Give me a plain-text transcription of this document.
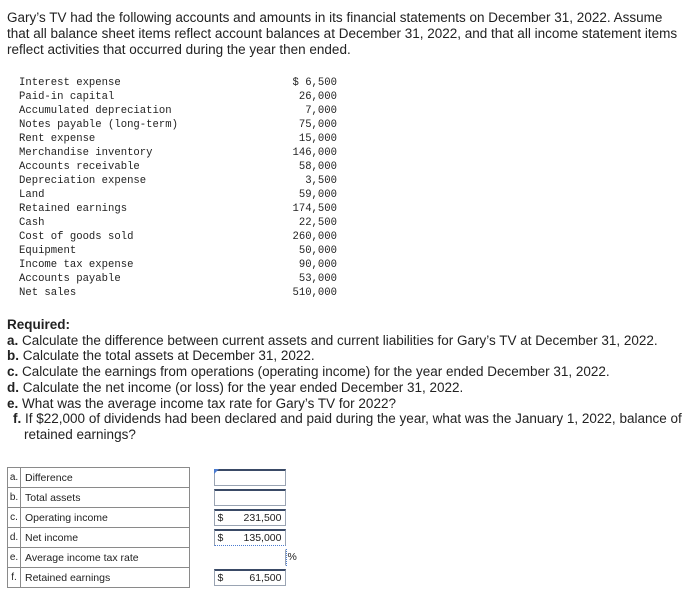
Gary’s TV had the following accounts and amounts in its financial statements on December 31, 2022. Assume that all balance sheet items reflect account balances at December 31, 2022, and that all income statement items reflect activities that occurred during the year then ended.
Interest expense	$ 6,500
Paid-in capital	26,000
Accumulated depreciation	7,000
Notes payable (long-term)	75,000
Rent expense	15,000
Merchandise inventory	146,000
Accounts receivable	58,000
Depreciation expense	3,500
Land	59,000
Retained earnings	174,500
Cash	22,500
Cost of goods sold	260,000
Equipment	50,000
Income tax expense	90,000
Accounts payable	53,000
Net sales	510,000
Required:

a. Calculate the difference between current assets and current liabilities for Gary’s TV at December 31, 2022.

b. Calculate the total assets at December 31, 2022.

c. Calculate the earnings from operations (operating income) for the year ended December 31, 2022.

d. Calculate the net income (or loss) for the year ended December 31, 2022.

e. What was the average income tax rate for Gary’s TV for 2022?

f. If $22,000 of dividends had been declared and paid during the year, what was the January 1, 2022, balance of retained earnings?

a.	Difference		

b.	Total assets		

c.	Operating income		$ 231,500	

d.	Net income		$ 135,000	

e.	Average income tax rate			%

f.	Retained earnings		$ 61,500	
